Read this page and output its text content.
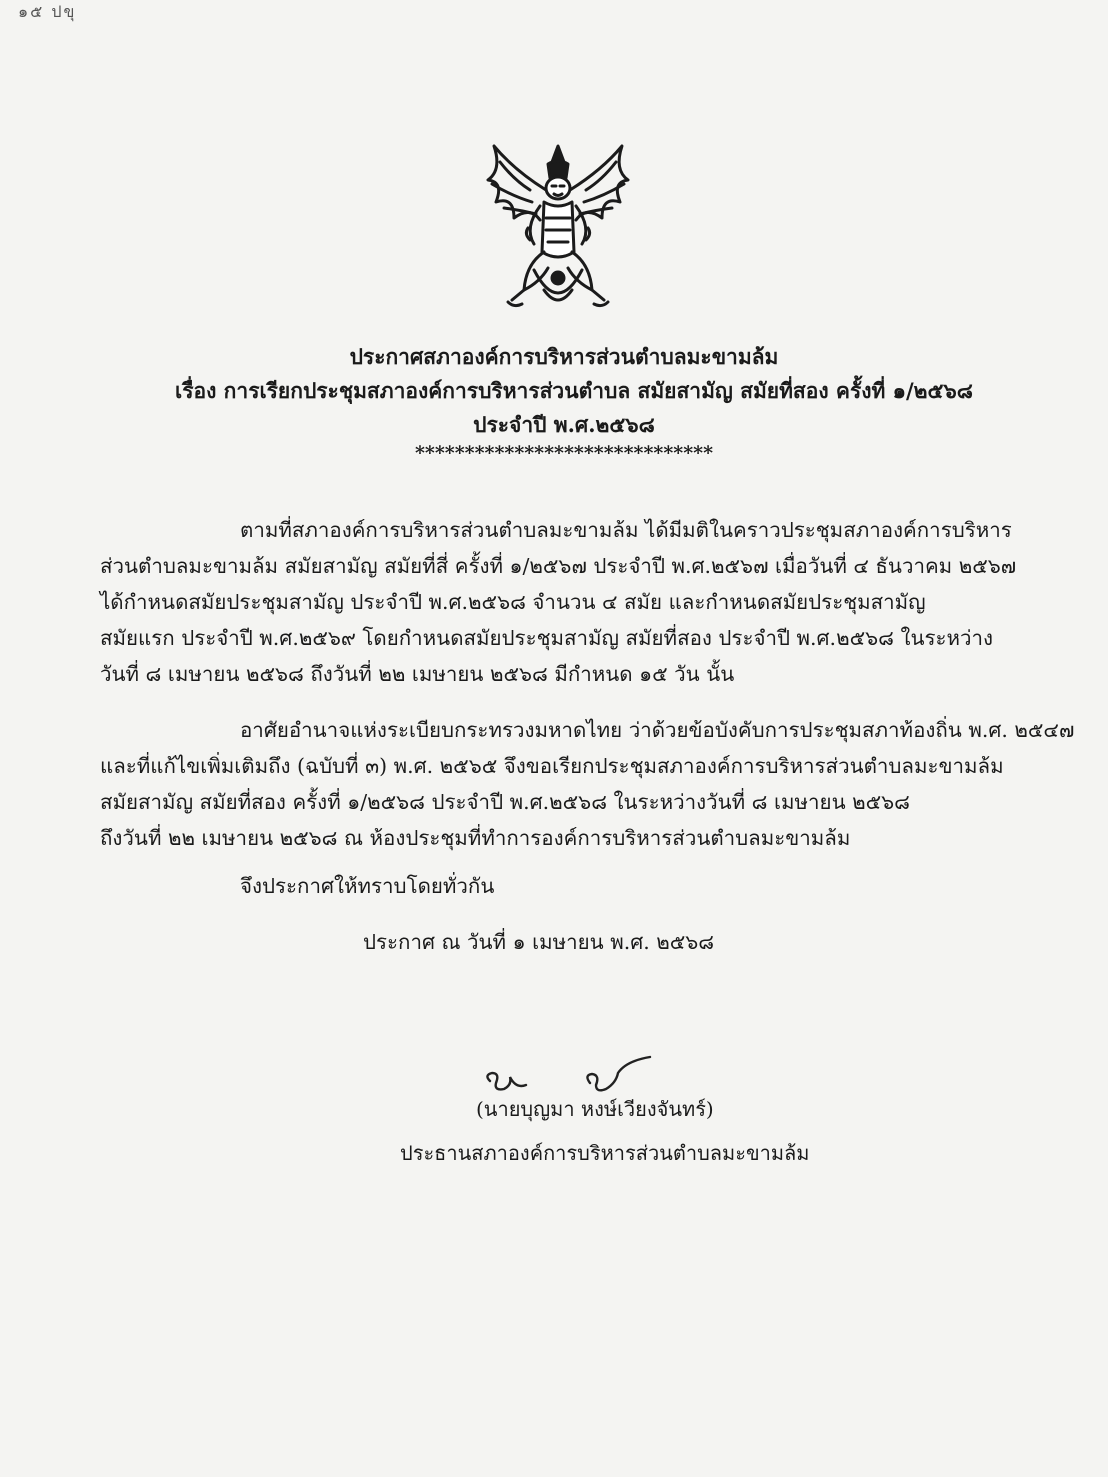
๑๕ ปขุ
ประกาศสภาองค์การบริหารส่วนตำบลมะขามล้ม
เรื่อง การเรียกประชุมสภาองค์การบริหารส่วนตำบล สมัยสามัญ สมัยที่สอง ครั้งที่ ๑/๒๕๖๘
ประจำปี พ.ศ.๒๕๖๘
******************************
ตามที่สภาองค์การบริหารส่วนตำบลมะขามล้ม ได้มีมติในคราวประชุมสภาองค์การบริหาร
ส่วนตำบลมะขามล้ม สมัยสามัญ สมัยที่สี่ ครั้งที่ ๑/๒๕๖๗ ประจำปี พ.ศ.๒๕๖๗ เมื่อวันที่ ๔ ธันวาคม ๒๕๖๗
ได้กำหนดสมัยประชุมสามัญ ประจำปี พ.ศ.๒๕๖๘ จำนวน ๔ สมัย และกำหนดสมัยประชุมสามัญ
สมัยแรก ประจำปี พ.ศ.๒๕๖๙ โดยกำหนดสมัยประชุมสามัญ สมัยที่สอง ประจำปี พ.ศ.๒๕๖๘ ในระหว่าง
วันที่ ๘ เมษายน ๒๕๖๘ ถึงวันที่ ๒๒ เมษายน ๒๕๖๘ มีกำหนด ๑๕ วัน นั้น
อาศัยอำนาจแห่งระเบียบกระทรวงมหาดไทย ว่าด้วยข้อบังคับการประชุมสภาท้องถิ่น พ.ศ. ๒๕๔๗
และที่แก้ไขเพิ่มเติมถึง (ฉบับที่ ๓) พ.ศ. ๒๕๖๕ จึงขอเรียกประชุมสภาองค์การบริหารส่วนตำบลมะขามล้ม
สมัยสามัญ สมัยที่สอง ครั้งที่ ๑/๒๕๖๘ ประจำปี พ.ศ.๒๕๖๘ ในระหว่างวันที่ ๘ เมษายน ๒๕๖๘
ถึงวันที่ ๒๒ เมษายน ๒๕๖๘ ณ ห้องประชุมที่ทำการองค์การบริหารส่วนตำบลมะขามล้ม
จึงประกาศให้ทราบโดยทั่วกัน
ประกาศ ณ วันที่ ๑ เมษายน พ.ศ. ๒๕๖๘
(นายบุญมา หงษ์เวียงจันทร์)
ประธานสภาองค์การบริหารส่วนตำบลมะขามล้ม
